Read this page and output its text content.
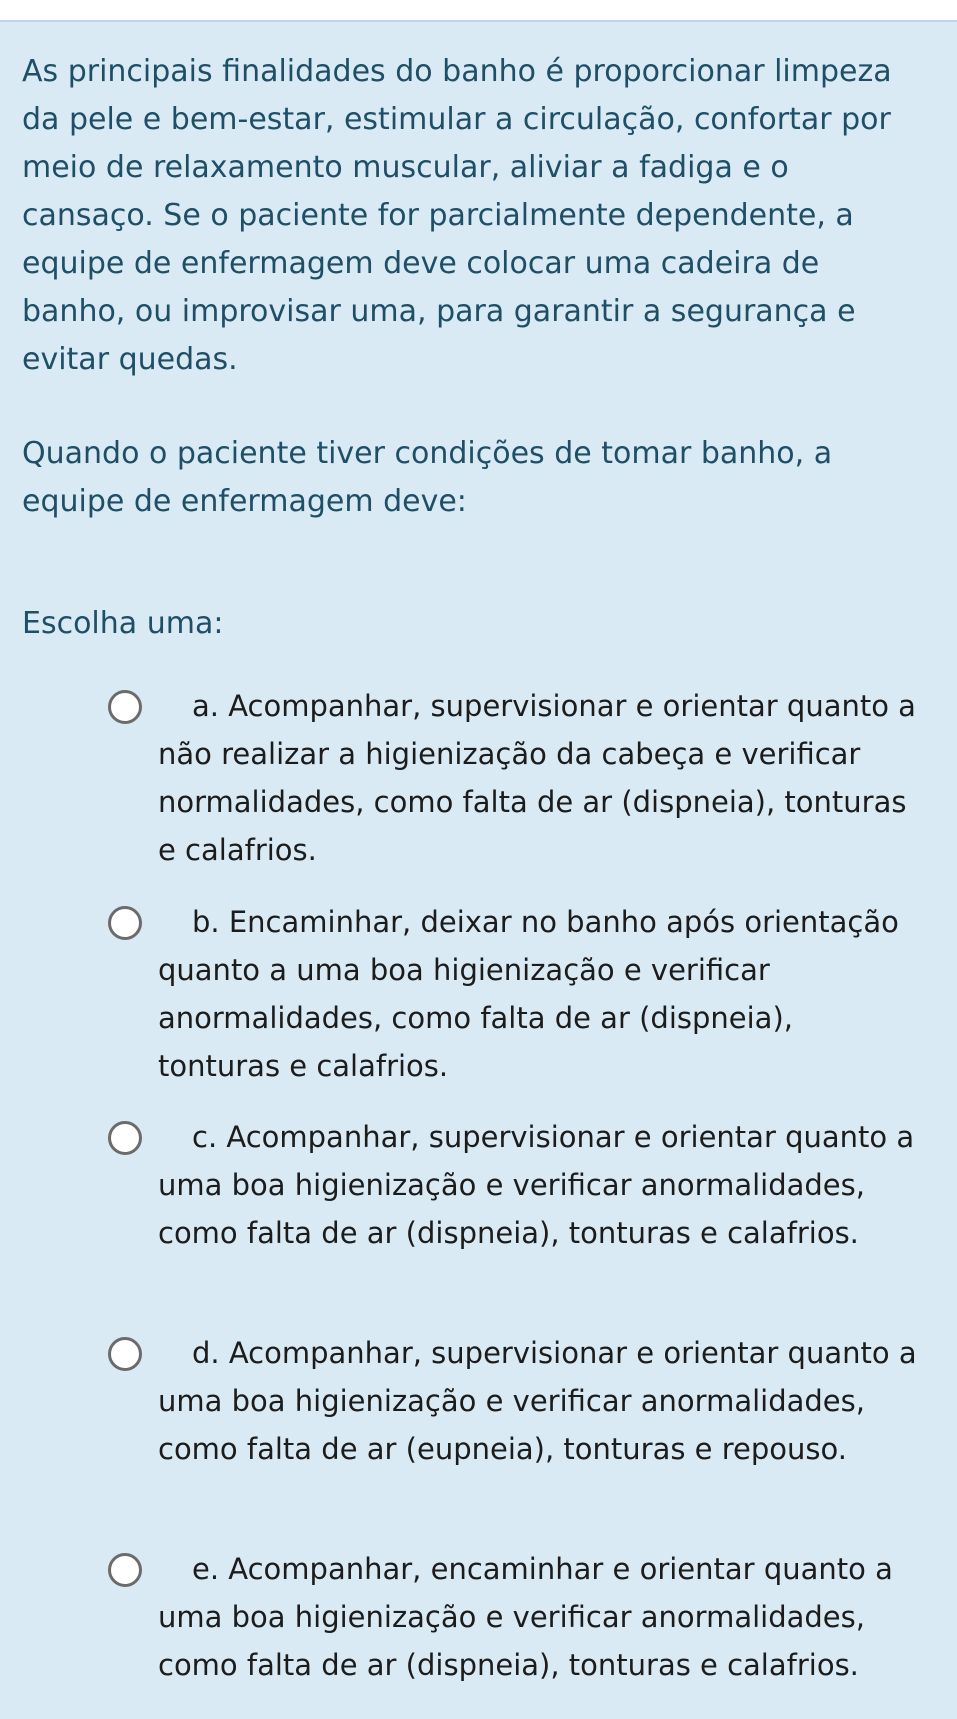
As principais finalidades do banho é proporcionar limpeza da pele e bem-estar, estimular a circulação, confortar por meio de relaxamento muscular, aliviar a fadiga e o cansaço. Se o paciente for parcialmente dependente, a equipe de enfermagem deve colocar uma cadeira de banho, ou improvisar uma, para garantir a segurança e evitar quedas.

Quando o paciente tiver condições de tomar banho, a equipe de enfermagem deve:

Escolha uma:

a. Acompanhar, supervisionar e orientar quanto a não realizar a higienização da cabeça e verificar normalidades, como falta de ar (dispneia), tonturas e calafrios.
b. Encaminhar, deixar no banho após orientação quanto a uma boa higienização e verificar anormalidades, como falta de ar (dispneia), tonturas e calafrios.
c. Acompanhar, supervisionar e orientar quanto a uma boa higienização e verificar anormalidades, como falta de ar (dispneia), tonturas e calafrios.
d. Acompanhar, supervisionar e orientar quanto a uma boa higienização e verificar anormalidades, como falta de ar (eupneia), tonturas e repouso.
e. Acompanhar, encaminhar e orientar quanto a uma boa higienização e verificar anormalidades, como falta de ar (dispneia), tonturas e calafrios.
